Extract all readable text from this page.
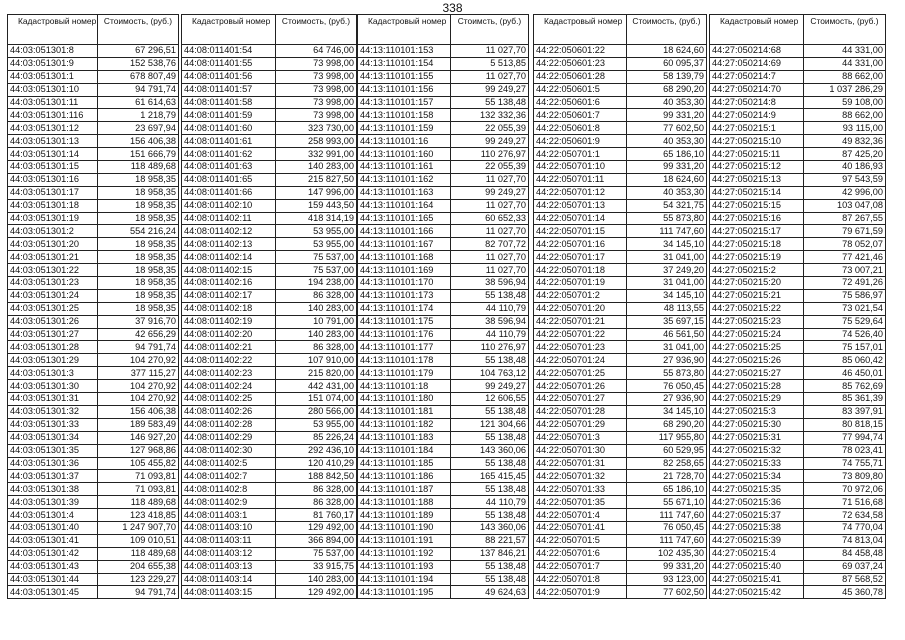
338
Кадастровый номер	Стоимость, (руб.)
44:03:051301:8	67 296,51
44:03:051301:9	152 538,76
44:03:051301:1	678 807,49
44:03:051301:10	94 791,74
44:03:051301:11	61 614,63
44:03:051301:116	1 218,79
44:03:051301:12	23 697,94
44:03:051301:13	156 406,38
44:03:051301:14	151 666,79
44:03:051301:15	118 489,68
44:03:051301:16	18 958,35
44:03:051301:17	18 958,35
44:03:051301:18	18 958,35
44:03:051301:19	18 958,35
44:03:051301:2	554 216,24
44:03:051301:20	18 958,35
44:03:051301:21	18 958,35
44:03:051301:22	18 958,35
44:03:051301:23	18 958,35
44:03:051301:24	18 958,35
44:03:051301:25	18 958,35
44:03:051301:26	37 916,70
44:03:051301:27	42 656,29
44:03:051301:28	94 791,74
44:03:051301:29	104 270,92
44:03:051301:3	377 115,27
44:03:051301:30	104 270,92
44:03:051301:31	104 270,92
44:03:051301:32	156 406,38
44:03:051301:33	189 583,49
44:03:051301:34	146 927,20
44:03:051301:35	127 968,86
44:03:051301:36	105 455,82
44:03:051301:37	71 093,81
44:03:051301:38	71 093,81
44:03:051301:39	118 489,68
44:03:051301:4	123 418,85
44:03:051301:40	1 247 907,70
44:03:051301:41	109 010,51
44:03:051301:42	118 489,68
44:03:051301:43	204 655,38
44:03:051301:44	123 229,27
44:03:051301:45	94 791,74
Кадастровый номер	Стоимость, (руб.)
44:08:011401:54	64 746,00
44:08:011401:55	73 998,00
44:08:011401:56	73 998,00
44:08:011401:57	73 998,00
44:08:011401:58	73 998,00
44:08:011401:59	73 998,00
44:08:011401:60	323 730,00
44:08:011401:61	258 993,00
44:08:011401:62	332 991,00
44:08:011401:63	140 283,00
44:08:011401:65	215 827,50
44:08:011401:66	147 996,00
44:08:011402:10	159 443,50
44:08:011402:11	418 314,19
44:08:011402:12	53 955,00
44:08:011402:13	53 955,00
44:08:011402:14	75 537,00
44:08:011402:15	75 537,00
44:08:011402:16	194 238,00
44:08:011402:17	86 328,00
44:08:011402:18	140 283,00
44:08:011402:19	10 791,00
44:08:011402:20	140 283,00
44:08:011402:21	86 328,00
44:08:011402:22	107 910,00
44:08:011402:23	215 820,00
44:08:011402:24	442 431,00
44:08:011402:25	151 074,00
44:08:011402:26	280 566,00
44:08:011402:28	53 955,00
44:08:011402:29	85 226,24
44:08:011402:30	292 436,10
44:08:011402:5	120 410,29
44:08:011402:7	188 842,50
44:08:011402:8	86 328,00
44:08:011402:9	86 328,00
44:08:011403:1	81 760,17
44:08:011403:10	129 492,00
44:08:011403:11	366 894,00
44:08:011403:12	75 537,00
44:08:011403:13	33 915,75
44:08:011403:14	140 283,00
44:08:011403:15	129 492,00
Кадастровый номер	Стоимсть, (руб.)
44:13:110101:153	11 027,70
44:13:110101:154	5 513,85
44:13:110101:155	11 027,70
44:13:110101:156	99 249,27
44:13:110101:157	55 138,48
44:13:110101:158	132 332,36
44:13:110101:159	22 055,39
44:13:110101:16	99 249,27
44:13:110101:160	110 276,97
44:13:110101:161	22 055,39
44:13:110101:162	11 027,70
44:13:110101:163	99 249,27
44:13:110101:164	11 027,70
44:13:110101:165	60 652,33
44:13:110101:166	11 027,70
44:13:110101:167	82 707,72
44:13:110101:168	11 027,70
44:13:110101:169	11 027,70
44:13:110101:170	38 596,94
44:13:110101:173	55 138,48
44:13:110101:174	44 110,79
44:13:110101:175	38 596,94
44:13:110101:176	44 110,79
44:13:110101:177	110 276,97
44:13:110101:178	55 138,48
44:13:110101:179	104 763,12
44:13:110101:18	99 249,27
44:13:110101:180	12 606,55
44:13:110101:181	55 138,48
44:13:110101:182	121 304,66
44:13:110101:183	55 138,48
44:13:110101:184	143 360,06
44:13:110101:185	55 138,48
44:13:110101:186	165 415,45
44:13:110101:187	55 138,48
44:13:110101:188	44 110,79
44:13:110101:189	55 138,48
44:13:110101:190	143 360,06
44:13:110101:191	88 221,57
44:13:110101:192	137 846,21
44:13:110101:193	55 138,48
44:13:110101:194	55 138,48
44:13:110101:195	49 624,63
Кадастровый номер	Стоимость, (руб.)
44:22:050601:22	18 624,60
44:22:050601:23	60 095,37
44:22:050601:28	58 139,79
44:22:050601:5	68 290,20
44:22:050601:6	40 353,30
44:22:050601:7	99 331,20
44:22:050601:8	77 602,50
44:22:050601:9	40 353,30
44:22:050701:1	65 186,10
44:22:050701:10	99 331,20
44:22:050701:11	18 624,60
44:22:050701:12	40 353,30
44:22:050701:13	54 321,75
44:22:050701:14	55 873,80
44:22:050701:15	111 747,60
44:22:050701:16	34 145,10
44:22:050701:17	31 041,00
44:22:050701:18	37 249,20
44:22:050701:19	31 041,00
44:22:050701:2	34 145,10
44:22:050701:20	48 113,55
44:22:050701:21	35 697,15
44:22:050701:22	46 561,50
44:22:050701:23	31 041,00
44:22:050701:24	27 936,90
44:22:050701:25	55 873,80
44:22:050701:26	76 050,45
44:22:050701:27	27 936,90
44:22:050701:28	34 145,10
44:22:050701:29	68 290,20
44:22:050701:3	117 955,80
44:22:050701:30	60 529,95
44:22:050701:31	82 258,65
44:22:050701:32	21 728,70
44:22:050701:33	65 186,10
44:22:050701:35	55 671,10
44:22:050701:4	111 747,60
44:22:050701:41	76 050,45
44:22:050701:5	111 747,60
44:22:050701:6	102 435,30
44:22:050701:7	99 331,20
44:22:050701:8	93 123,00
44:22:050701:9	77 602,50
Кадастровый номер	Стоимость, (руб.)
44:27:050214:68	44 331,00
44:27:050214:69	44 331,00
44:27:050214:7	88 662,00
44:27:050214:70	1 037 286,29
44:27:050214:8	59 108,00
44:27:050214:9	88 662,00
44:27:050215:1	93 115,00
44:27:050215:10	49 832,36
44:27:050215:11	87 425,20
44:27:050215:12	40 186,93
44:27:050215:13	97 543,59
44:27:050215:14	42 996,00
44:27:050215:15	103 047,08
44:27:050215:16	87 267,55
44:27:050215:17	79 671,59
44:27:050215:18	78 052,07
44:27:050215:19	77 421,46
44:27:050215:2	73 007,21
44:27:050215:20	72 491,26
44:27:050215:21	75 586,97
44:27:050215:22	73 021,54
44:27:050215:23	75 529,64
44:27:050215:24	74 526,40
44:27:050215:25	75 157,01
44:27:050215:26	85 060,42
44:27:050215:27	46 450,01
44:27:050215:28	85 762,69
44:27:050215:29	85 361,39
44:27:050215:3	83 397,91
44:27:050215:30	80 818,15
44:27:050215:31	77 994,74
44:27:050215:32	78 023,41
44:27:050215:33	74 755,71
44:27:050215:34	73 809,80
44:27:050215:35	70 972,06
44:27:050215:36	71 516,68
44:27:050215:37	72 634,58
44:27:050215:38	74 770,04
44:27:050215:39	74 813,04
44:27:050215:4	84 458,48
44:27:050215:40	69 037,24
44:27:050215:41	87 568,52
44:27:050215:42	45 360,78
